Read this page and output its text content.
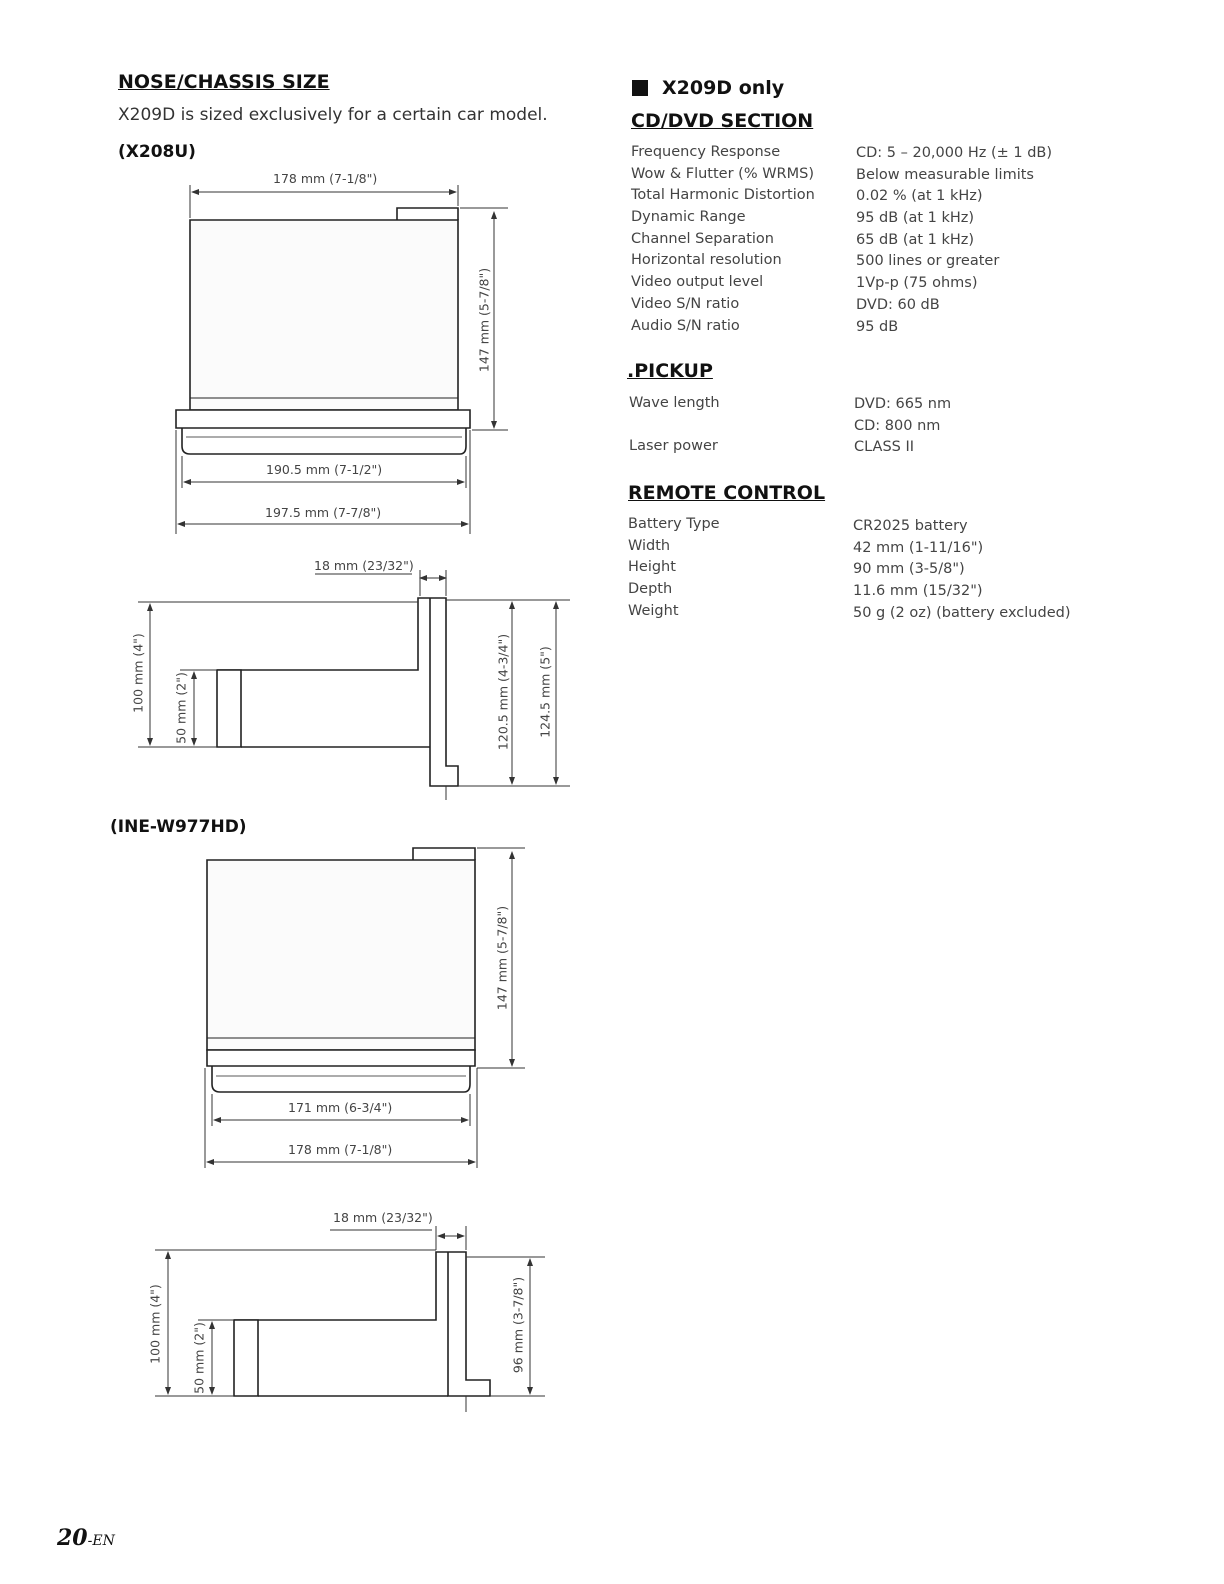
NOSE/CHASSIS SIZE
X209D is sized exclusively for a certain car model.
(X208U)
(INE-W977HD)
178 mm (7-1/8")
147 mm (5-7/8")
190.5 mm (7-1/2")
197.5 mm (7-7/8")
18 mm (23/32")
100 mm (4") 50 mm (2")	120.5 mm (4-3/4") 124.5 mm (5")
147 mm (5-7/8")
171 mm (6-3/4")
178 mm (7-1/8")
18 mm (23/32")
100 mm (4") 50 mm (2")	96 mm (3-7/8")
X209D only
CD/DVD SECTION
Frequency Response
Wow & Flutter (% WRMS)
Total Harmonic Distortion
Dynamic Range
Channel Separation
Horizontal resolution
Video output level
Video S/N ratio
Audio S/N ratio
CD: 5 – 20,000 Hz (± 1 dB)
Below measurable limits
0.02 % (at 1 kHz)
95 dB (at 1 kHz)
65 dB (at 1 kHz)
500 lines or greater
1Vp-p (75 ohms)
DVD: 60 dB
95 dB
.PICKUP
Wave length
Laser power
DVD: 665 nm
CD: 800 nm
CLASS II
REMOTE CONTROL
Battery Type
Width
Height
Depth
Weight
CR2025 battery
42 mm (1-11/16")
90 mm (3-5/8")
11.6 mm (15/32")
50 g (2 oz) (battery excluded)
20-EN
